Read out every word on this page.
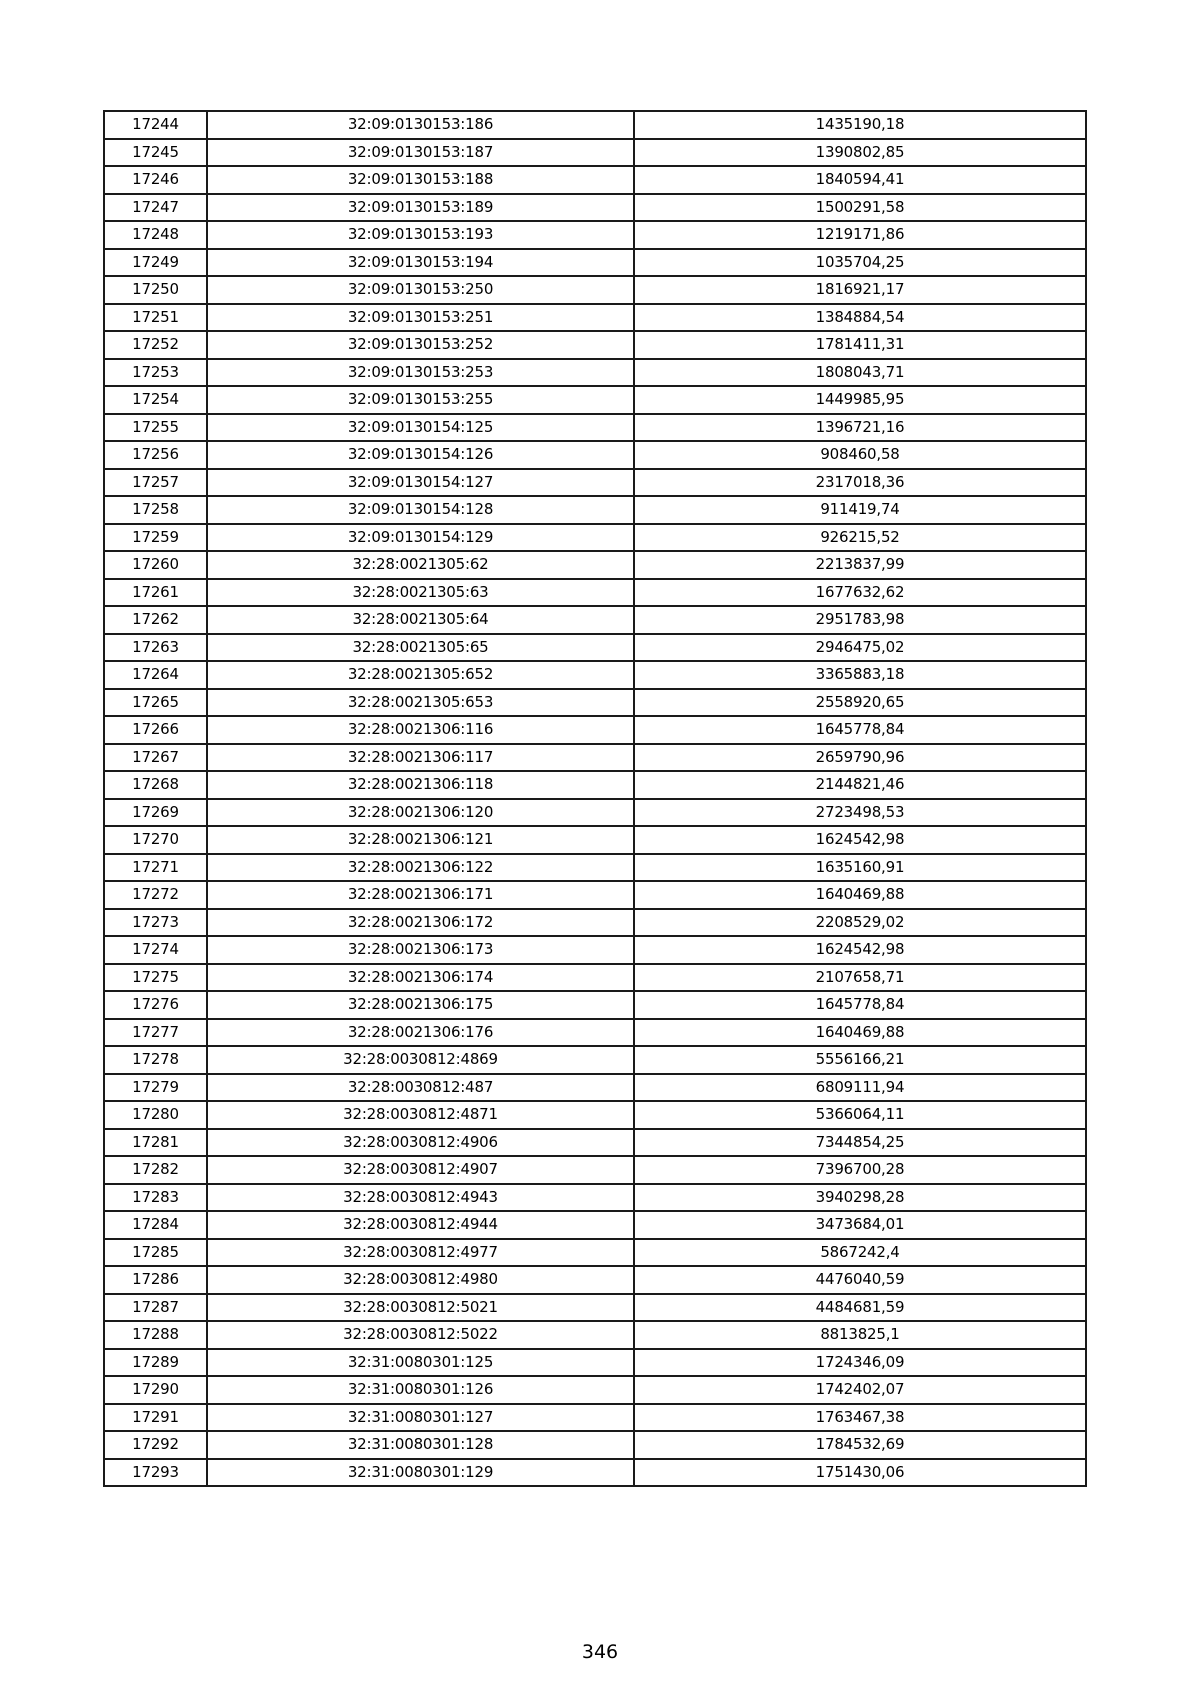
17244	32:09:0130153:186	1435190,18
17245	32:09:0130153:187	1390802,85
17246	32:09:0130153:188	1840594,41
17247	32:09:0130153:189	1500291,58
17248	32:09:0130153:193	1219171,86
17249	32:09:0130153:194	1035704,25
17250	32:09:0130153:250	1816921,17
17251	32:09:0130153:251	1384884,54
17252	32:09:0130153:252	1781411,31
17253	32:09:0130153:253	1808043,71
17254	32:09:0130153:255	1449985,95
17255	32:09:0130154:125	1396721,16
17256	32:09:0130154:126	908460,58
17257	32:09:0130154:127	2317018,36
17258	32:09:0130154:128	911419,74
17259	32:09:0130154:129	926215,52
17260	32:28:0021305:62	2213837,99
17261	32:28:0021305:63	1677632,62
17262	32:28:0021305:64	2951783,98
17263	32:28:0021305:65	2946475,02
17264	32:28:0021305:652	3365883,18
17265	32:28:0021305:653	2558920,65
17266	32:28:0021306:116	1645778,84
17267	32:28:0021306:117	2659790,96
17268	32:28:0021306:118	2144821,46
17269	32:28:0021306:120	2723498,53
17270	32:28:0021306:121	1624542,98
17271	32:28:0021306:122	1635160,91
17272	32:28:0021306:171	1640469,88
17273	32:28:0021306:172	2208529,02
17274	32:28:0021306:173	1624542,98
17275	32:28:0021306:174	2107658,71
17276	32:28:0021306:175	1645778,84
17277	32:28:0021306:176	1640469,88
17278	32:28:0030812:4869	5556166,21
17279	32:28:0030812:487	6809111,94
17280	32:28:0030812:4871	5366064,11
17281	32:28:0030812:4906	7344854,25
17282	32:28:0030812:4907	7396700,28
17283	32:28:0030812:4943	3940298,28
17284	32:28:0030812:4944	3473684,01
17285	32:28:0030812:4977	5867242,4
17286	32:28:0030812:4980	4476040,59
17287	32:28:0030812:5021	4484681,59
17288	32:28:0030812:5022	8813825,1
17289	32:31:0080301:125	1724346,09
17290	32:31:0080301:126	1742402,07
17291	32:31:0080301:127	1763467,38
17292	32:31:0080301:128	1784532,69
17293	32:31:0080301:129	1751430,06
346
